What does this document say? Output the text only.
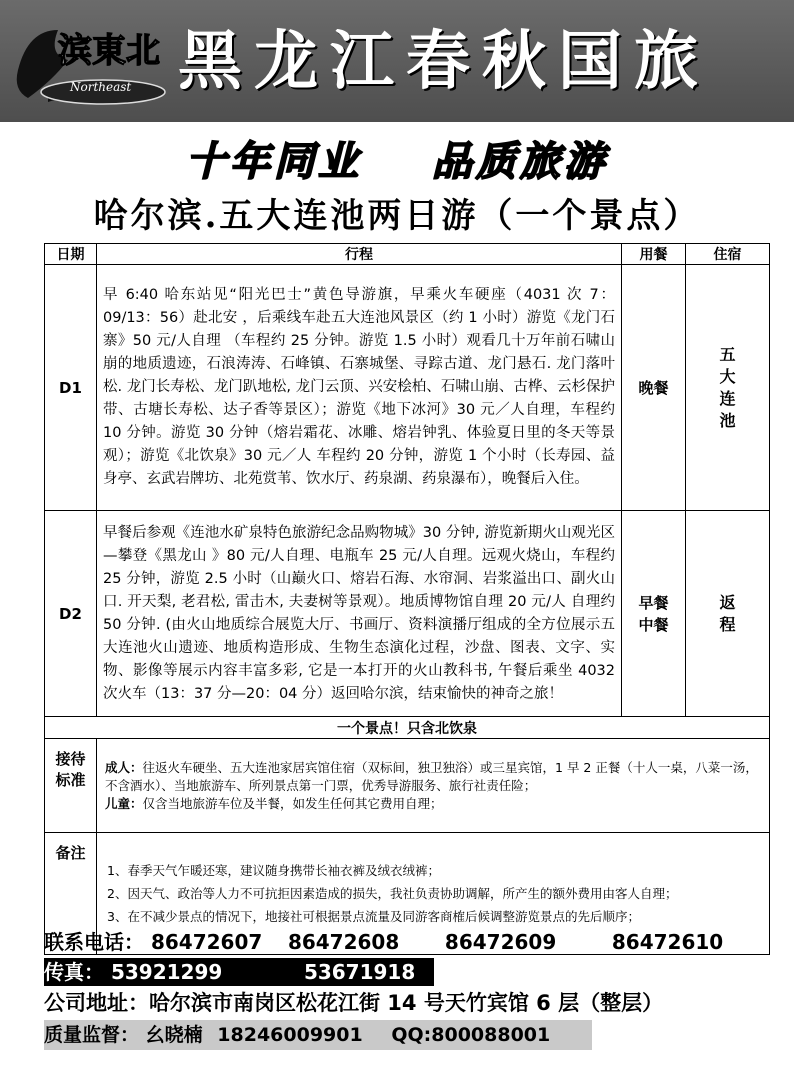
滨東北
Northeast 黑龙江春秋国旅
十年同业 品质旅游
哈尔滨.五大连池两日游（一个景点）
日期	行程	用餐	住宿
D1	早 6:40 哈东站见“阳光巴士”黄色导游旗，早乘火车硬座（4031 次 7：09/13：56）赴北安 ，后乘线车赴五大连池风景区（约 1 小时）游览《龙门石寨》50 元/人自理 （车程约 25 分钟。游览 1.5 小时）观看几十万年前石啸山崩的地质遗迹，石浪涛涛、石峰镇、石寨城堡、寻踪古道、龙门悬石. 龙门落叶松. 龙门长寿松、龙门趴地松, 龙门云顶、兴安桧柏、石啸山崩、古桦、云杉保护带、古塘长寿松、达子香等景区）；游览《地下冰河》30 元／人自理，车程约 10 分钟。游览 30 分钟（熔岩霜花、冰雕、熔岩钟乳、体验夏日里的冬天等景观）；游览《北饮泉》30 元／人 车程约 20 分钟，游览 1 个小时（长寿园、益身亭、玄武岩牌坊、北苑赏苇、饮水厅、药泉湖、药泉瀑布），晚餐后入住。	晚餐	五大连池
D2	早餐后参观《连池水矿泉特色旅游纪念品购物城》30 分钟, 游览新期火山观光区—攀登《黑龙山 》80 元/人自理、电瓶车 25 元/人自理。远观火烧山，车程约 25 分钟，游览 2.5 小时（山巅火口、熔岩石海、水帘洞、岩浆溢出口、副火山口. 开天梨, 老君松, 雷击木, 夫妻树等景观）。地质博物馆自理 20 元/人 自理约 50 分钟. (由火山地质综合展览大厅、书画厅、资料演播厅组成的全方位展示五大连池火山遗迹、地质构造形成、生物生态演化过程，沙盘、图表、文字、实物、影像等展示内容丰富多彩, 它是一本打开的火山教科书, 午餐后乘坐 4032 次火车（13：37 分—20：04 分）返回哈尔滨，结束愉快的神奇之旅！	早餐 中餐	返程
一个景点！只含北饮泉			
接待标准	成人：往返火车硬坐、五大连池家居宾馆住宿（双标间，独卫独浴）或三星宾馆，1 早 2 正餐（十人一桌，八菜一汤，不含酒水）、当地旅游车、所列景点第一门票，优秀导游服务、旅行社责任险；
儿童：仅含当地旅游车位及半餐，如发生任何其它费用自理；		
备注	1、春季天气乍暖还寒，建议随身携带长袖衣裤及绒衣绒裤；
2、因天气、政治等人力不可抗拒因素造成的损失，我社负责协助调解，所产生的额外费用由客人自理；
3、在不减少景点的情况下，地接社可根据景点流量及同游客商榷后候调整游览景点的先后顺序；		
联系电话： 86472607 86472608 86472609	86472610
传真： 53921299	53671918
公司地址：哈尔滨市南岗区松花江街 14 号天竹宾馆 6 层（整层）
质量监督： 幺晓楠 18246009901 QQ:800088001
